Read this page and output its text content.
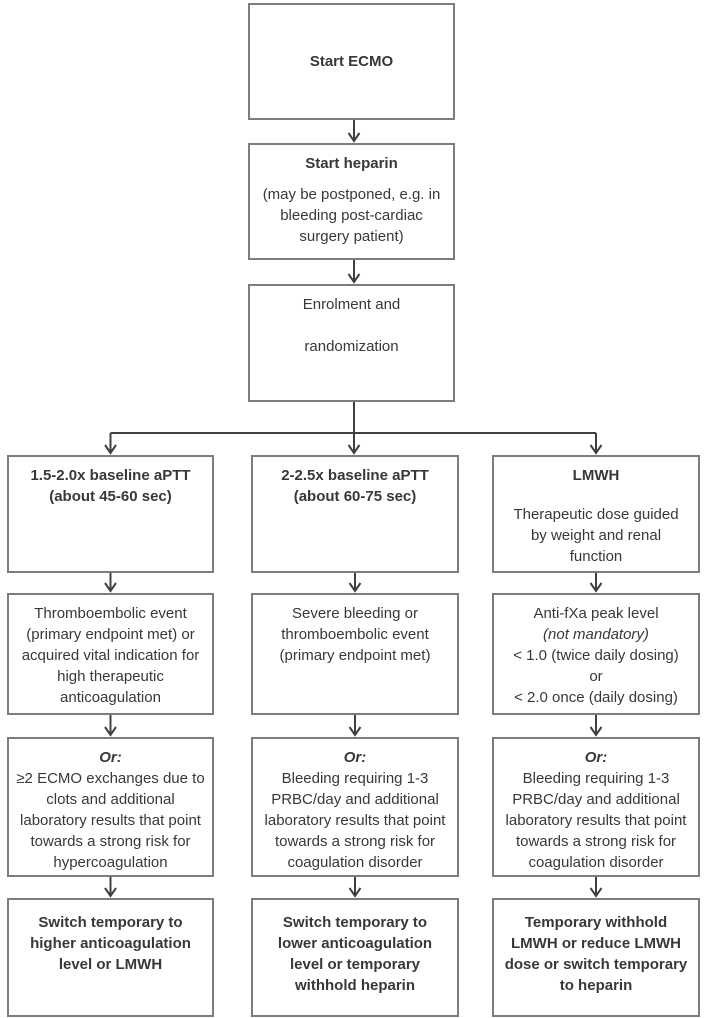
Start ECMO
Start heparin
(may be postponed, e.g. in bleeding post-cardiac surgery patient)
Enrolment and
randomization
1.5-2.0x baseline aPTT
(about 45-60 sec)
Thromboembolic event (primary endpoint met) or acquired vital indication for high therapeutic anticoagulation
Or:
≥2 ECMO exchanges due to clots and additional laboratory results that point towards a strong risk for hypercoagulation
Switch temporary to higher anticoagulation level or LMWH
2-2.5x baseline aPTT
(about 60-75 sec)
Severe bleeding or thromboembolic event (primary endpoint met)
Or:
Bleeding requiring 1-3 PRBC/day and additional laboratory results that point towards a strong risk for coagulation disorder
Switch temporary to lower anticoagulation level or temporary withhold heparin
LMWH
Therapeutic dose guided
by weight and renal
function
Anti-fXa peak level
(not mandatory)
< 1.0 (twice daily dosing)
or
< 2.0 once (daily dosing)
Or:
Bleeding requiring 1-3 PRBC/day and additional laboratory results that point towards a strong risk for coagulation disorder
Temporary withhold LMWH or reduce LMWH dose or switch temporary to heparin
